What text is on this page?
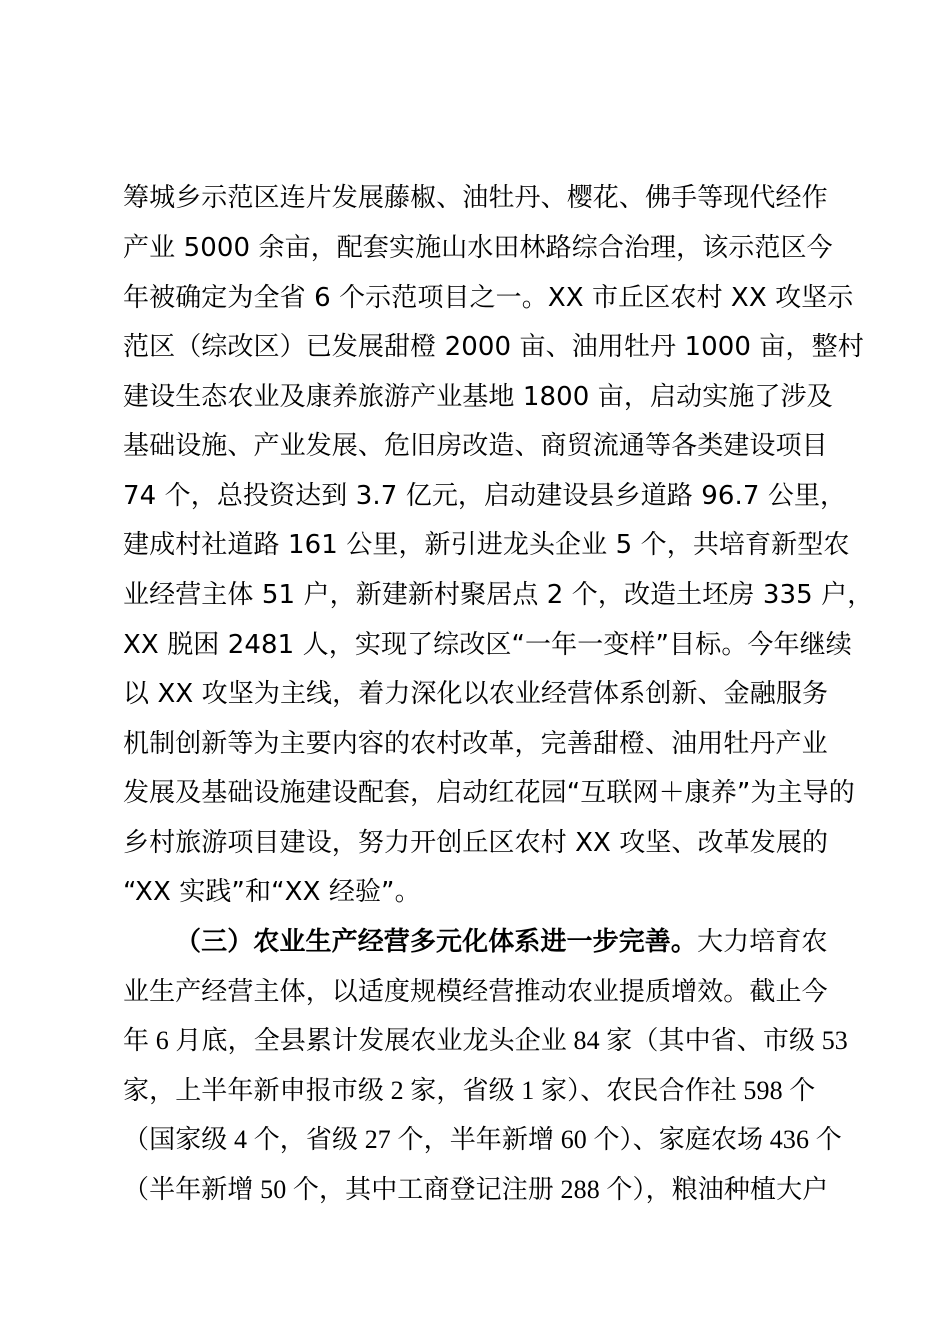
筹城乡示范区连片发展藤椒、油牡丹、樱花、佛手等现代经作
产业 5000 余亩，配套实施山水田林路综合治理，该示范区今
年被确定为全省 6 个示范项目之一。XX 市丘区农村 XX 攻坚示
范区（综改区）已发展甜橙 2000 亩、油用牡丹 1000 亩，整村
建设生态农业及康养旅游产业基地 1800 亩，启动实施了涉及
基础设施、产业发展、危旧房改造、商贸流通等各类建设项目
74 个，总投资达到 3.7 亿元，启动建设县乡道路 96.7 公里，
建成村社道路 161 公里，新引进龙头企业 5 个，共培育新型农
业经营主体 51 户，新建新村聚居点 2 个，改造土坯房 335 户，
XX 脱困 2481 人，实现了综改区“一年一变样”目标。今年继续
以 XX 攻坚为主线，着力深化以农业经营体系创新、金融服务
机制创新等为主要内容的农村改革，完善甜橙、油用牡丹产业
发展及基础设施建设配套，启动红花园“互联网＋康养”为主导的
乡村旅游项目建设，努力开创丘区农村 XX 攻坚、改革发展的
“XX 实践”和“XX 经验”。
（三）农业生产经营多元化体系进一步完善。大力培育农
业生产经营主体，以适度规模经营推动农业提质增效。截止今
年 6 月底，全县累计发展农业龙头企业 84 家（其中省、市级 53
家，上半年新申报市级 2 家，省级 1 家）、农民合作社 598 个
（国家级 4 个，省级 27 个，半年新增 60 个）、家庭农场 436 个
（半年新增 50 个，其中工商登记注册 288 个），粮油种植大户
